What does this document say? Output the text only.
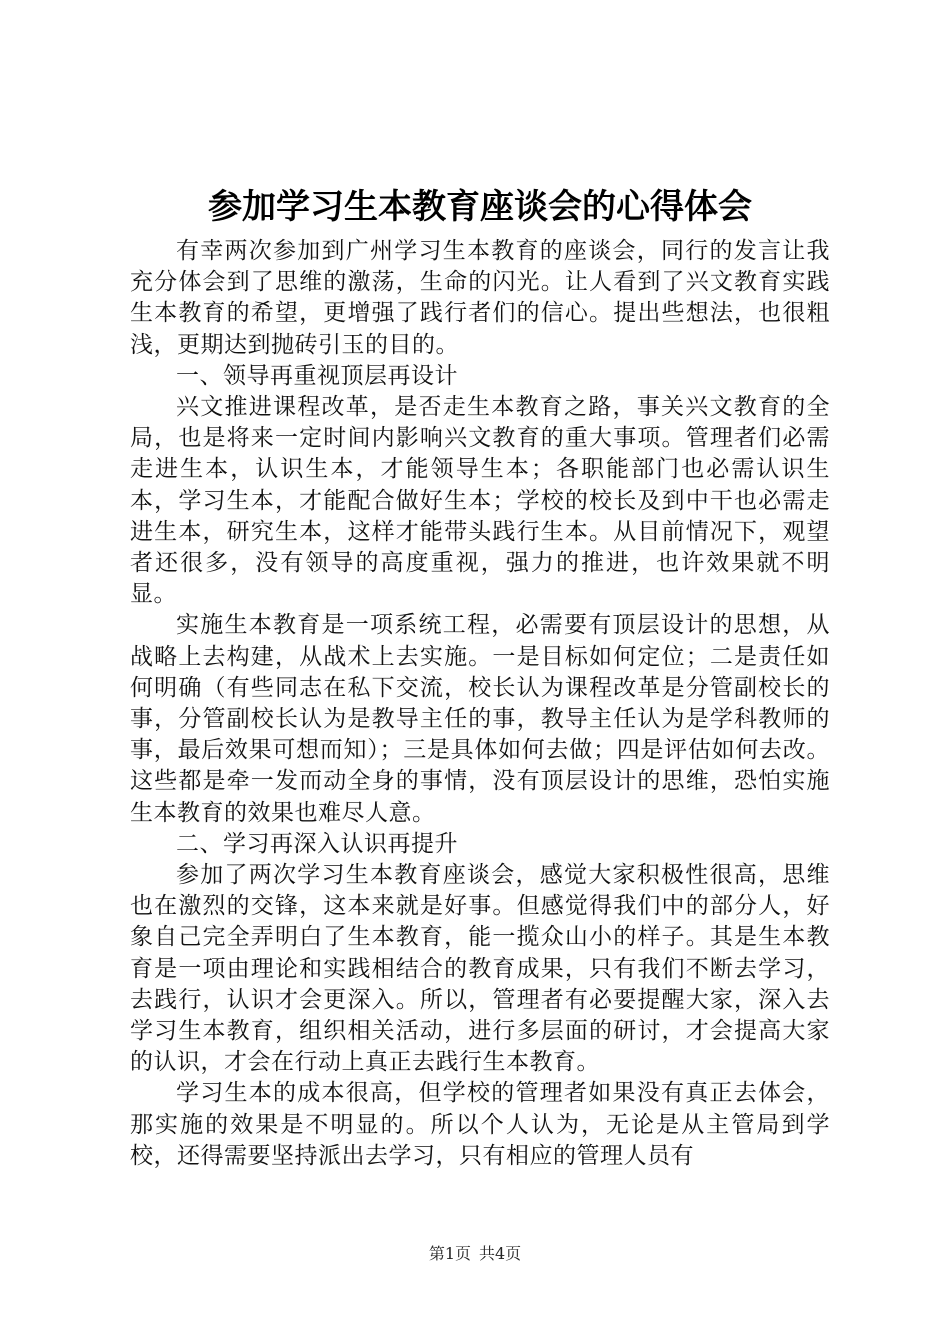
参加学习生本教育座谈会的心得体会

有幸两次参加到广州学习生本教育的座谈会，同行的发言让我充分体会到了思维的激荡，生命的闪光。让人看到了兴文教育实践生本教育的希望，更增强了践行者们的信心。提出些想法，也很粗浅，更期达到抛砖引玉的目的。

一、领导再重视顶层再设计

兴文推进课程改革，是否走生本教育之路，事关兴文教育的全局，也是将来一定时间内影响兴文教育的重大事项。管理者们必需走进生本，认识生本，才能领导生本；各职能部门也必需认识生本，学习生本，才能配合做好生本；学校的校长及到中干也必需走进生本，研究生本，这样才能带头践行生本。从目前情况下，观望者还很多，没有领导的高度重视，强力的推进，也许效果就不明显。

实施生本教育是一项系统工程，必需要有顶层设计的思想，从战略上去构建，从战术上去实施。一是目标如何定位；二是责任如何明确（有些同志在私下交流，校长认为课程改革是分管副校长的事，分管副校长认为是教导主任的事，教导主任认为是学科教师的事，最后效果可想而知）；三是具体如何去做；四是评估如何去改。这些都是牵一发而动全身的事情，没有顶层设计的思维，恐怕实施生本教育的效果也难尽人意。

二、学习再深入认识再提升

参加了两次学习生本教育座谈会，感觉大家积极性很高，思维也在激烈的交锋，这本来就是好事。但感觉得我们中的部分人，好象自己完全弄明白了生本教育，能一揽众山小的样子。其是生本教育是一项由理论和实践相结合的教育成果，只有我们不断去学习，去践行，认识才会更深入。所以，管理者有必要提醒大家，深入去学习生本教育，组织相关活动，进行多层面的研讨，才会提高大家的认识，才会在行动上真正去践行生本教育。

学习生本的成本很高，但学校的管理者如果没有真正去体会，那实施的效果是不明显的。所以个人认为，无论是从主管局到学校，还得需要坚持派出去学习，只有相应的管理人员有

第1页 共4页
